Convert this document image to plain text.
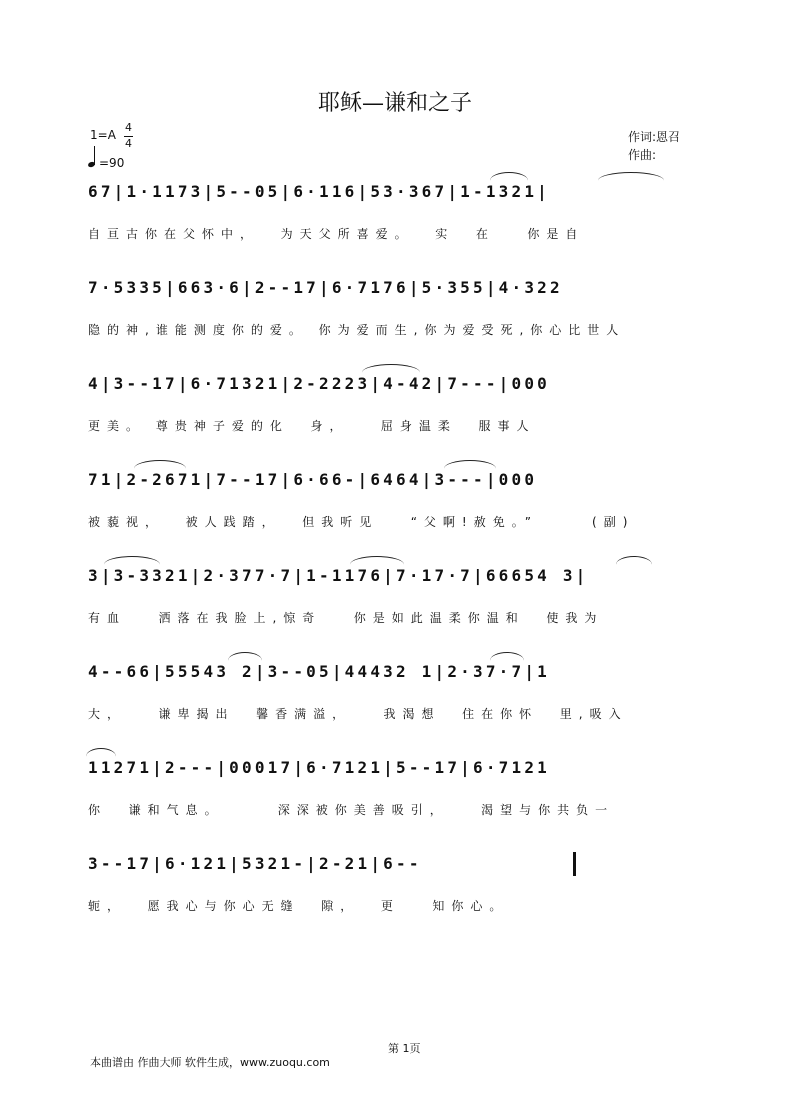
耶稣—谦和之子
1=A
4
4
=90
作词:恩召
作曲:
67|1·1173|5--05|6·116|53·367|1-1321|
自亘古你在父怀中，  为天父所喜爱。  实  在   你是自
7·5335|663·6|2--17|6·7176|5·355|4·322
隐的神,谁能测度你的爱。 你为爱而生,你为爱受死,你心比世人
4|3--17|6·71321|2-2223|4-42|7---|000
更美。 尊贵神子爱的化  身，   屈身温柔  服事人
71|2-2671|7--17|6·66-|6464|3---|000
被藐视，  被人践踏，  但我听见   “父啊!赦免。”     (副)
3|3-3321|2·377·7|1-1176|7·17·7|66654 3|
有血   洒落在我脸上,惊奇   你是如此温柔你温和  使我为
4--66|55543 2|3--05|44432 1|2·37·7|1
大，   谦卑揭出  馨香满溢，   我渴想  住在你怀  里,吸入
11271|2---|00017|6·7121|5--17|6·7121
你  谦和气息。     深深被你美善吸引，   渴望与你共负一
3--17|6·121|5321-|2-21|6--
轭，  愿我心与你心无缝  隙，  更   知你心。
第 1页
本曲谱由 作曲大师 软件生成，www.zuoqu.com
